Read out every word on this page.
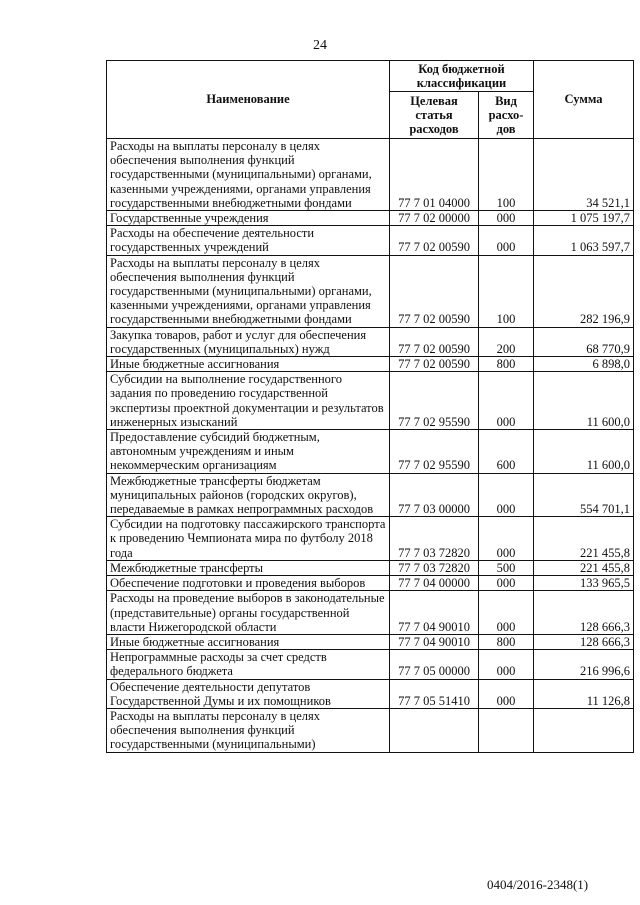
24
Наименование	Код бюджетной классификации		Сумма
	Целевая статья расходов	Вид расхо-дов	
Расходы на выплаты персоналу в целях обеспечения выполнения функций государственными (муниципальными) органами, казенными учреждениями, органами управления государственными внебюджетными фондами	77 7 01 04000	100	34 521,1
Государственные учреждения	77 7 02 00000	000	1 075 197,7
Расходы на обеспечение деятельности государственных учреждений	77 7 02 00590	000	1 063 597,7
Расходы на выплаты персоналу в целях обеспечения выполнения функций государственными (муниципальными) органами, казенными учреждениями, органами управления государственными внебюджетными фондами	77 7 02 00590	100	282 196,9
Закупка товаров, работ и услуг для обеспечения государственных (муниципальных) нужд	77 7 02 00590	200	68 770,9
Иные бюджетные ассигнования	77 7 02 00590	800	6 898,0
Субсидии на выполнение государственного задания по проведению государственной экспертизы проектной документации и результатов инженерных изысканий	77 7 02 95590	000	11 600,0
Предоставление субсидий бюджетным, автономным учреждениям и иным некоммерческим организациям	77 7 02 95590	600	11 600,0
Межбюджетные трансферты бюджетам муниципальных районов (городских округов), передаваемые в рамках непрограммных расходов	77 7 03 00000	000	554 701,1
Субсидии на подготовку пассажирского транспорта к проведению Чемпионата мира по футболу 2018 года	77 7 03 72820	000	221 455,8
Межбюджетные трансферты	77 7 03 72820	500	221 455,8
Обеспечение подготовки и проведения выборов	77 7 04 00000	000	133 965,5
Расходы на проведение выборов в законодательные (представительные) органы государственной власти Нижегородской области	77 7 04 90010	000	128 666,3
Иные бюджетные ассигнования	77 7 04 90010	800	128 666,3
Непрограммные расходы за счет средств федерального бюджета	77 7 05 00000	000	216 996,6
Обеспечение деятельности депутатов Государственной Думы и их помощников	77 7 05 51410	000	11 126,8
Расходы на выплаты персоналу в целях обеспечения выполнения функций государственными (муниципальными)			
0404/2016-2348(1)
